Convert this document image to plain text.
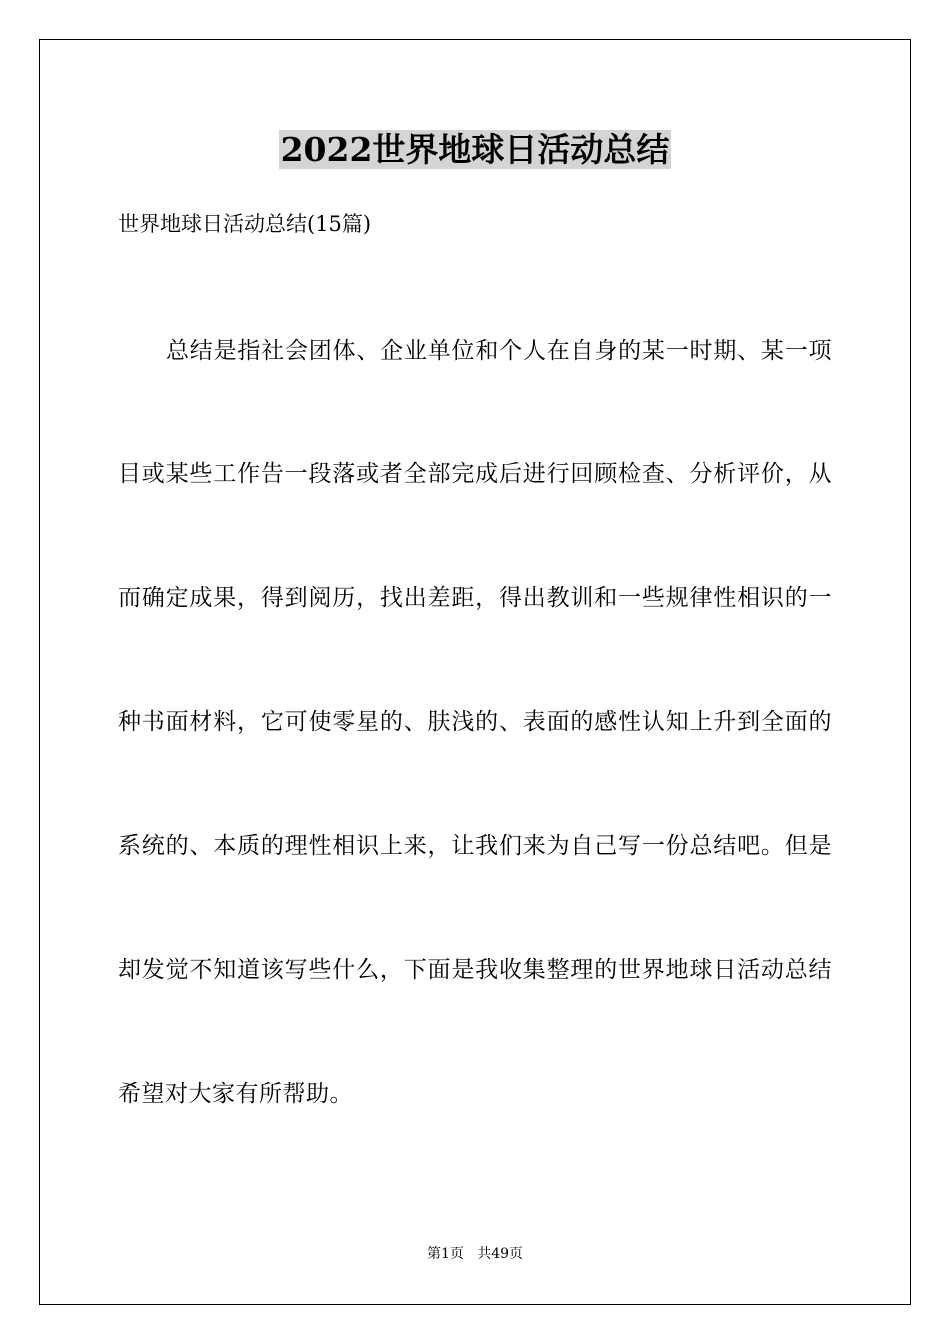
2022世界地球日活动总结
世界地球日活动总结(15篇)
总结是指社会团体、企业单位和个人在自身的某一时期、某一项
目或某些工作告一段落或者全部完成后进行回顾检查、分析评价，从
而确定成果，得到阅历，找出差距，得出教训和一些规律性相识的一
种书面材料，它可使零星的、肤浅的、表面的感性认知上升到全面的
系统的、本质的理性相识上来，让我们来为自己写一份总结吧。但是
却发觉不知道该写些什么，下面是我收集整理的世界地球日活动总结
希望对大家有所帮助。
第1页   共49页
